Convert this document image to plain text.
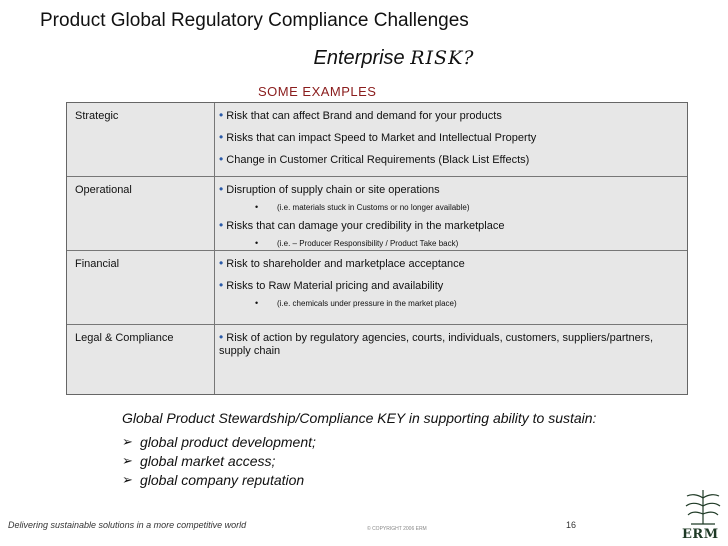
Product Global Regulatory Compliance Challenges
Enterprise RISK?
SOME EXAMPLES
Strategic	• Risk that can affect Brand and demand for your products
• Risks that can impact Speed to Market and Intellectual Property
• Change in Customer Critical Requirements (Black List Effects)
Operational	• Disruption of supply chain or site operations
• (i.e. materials stuck in Customs or no longer available)
• Risks that can damage your credibility in the marketplace
• (i.e. – Producer Responsibility / Product Take back)
Financial	• Risk to shareholder and marketplace acceptance
• Risks to Raw Material pricing and availability
• (i.e. chemicals under pressure in the market place)
Legal & Compliance	• Risk of action by regulatory agencies, courts, individuals, customers, suppliers/partners, supply chain
Global Product Stewardship/Compliance KEY in supporting ability to sustain:
➢ global product development;
➢ global market access;
➢ global company reputation
Delivering sustainable solutions in a more competitive world	© COPYRIGHT 2006 ERM	16
ERM
